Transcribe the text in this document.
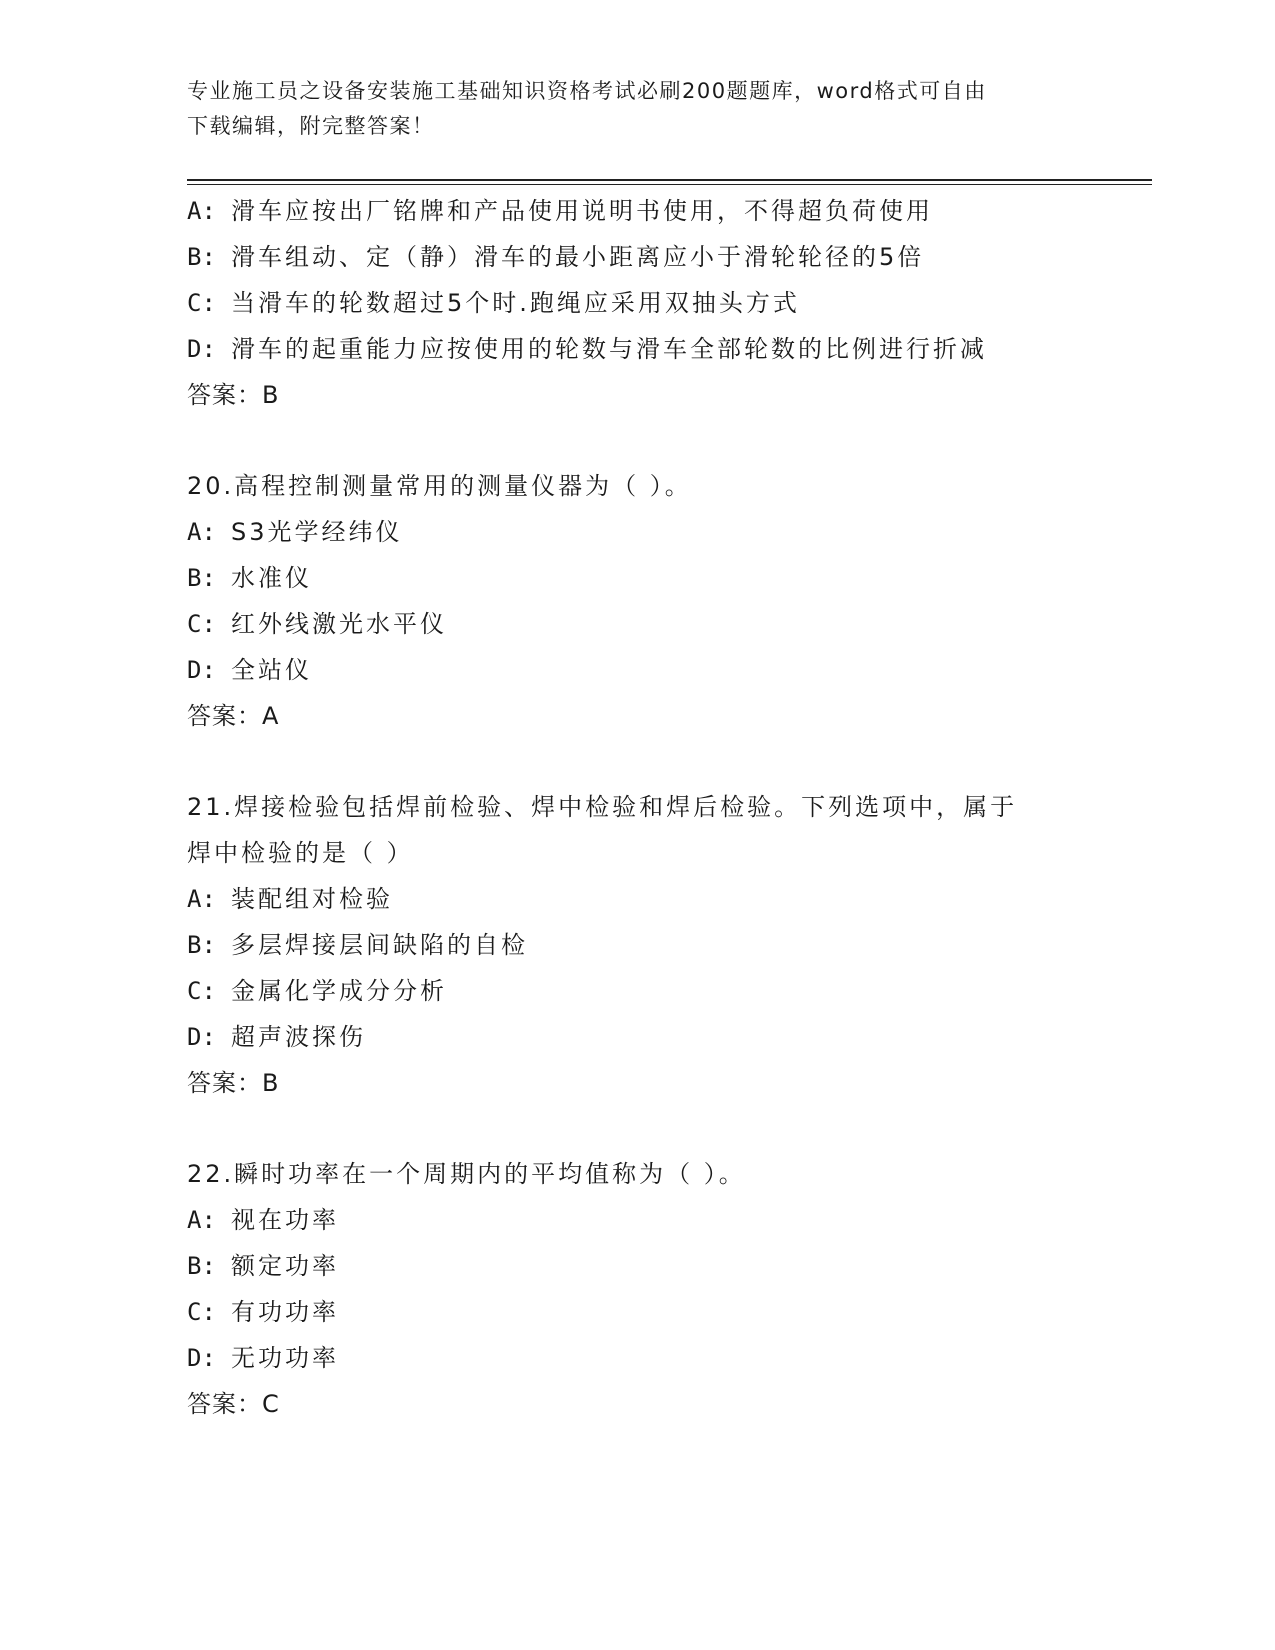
专业施工员之设备安装施工基础知识资格考试必刷200题题库，word格式可自由
下载编辑，附完整答案！
A: 滑车应按出厂铭牌和产品使用说明书使用，不得超负荷使用
B: 滑车组动、定（静）滑车的最小距离应小于滑轮轮径的5倍
C: 当滑车的轮数超过5个时.跑绳应采用双抽头方式
D: 滑车的起重能力应按使用的轮数与滑车全部轮数的比例进行折减
答案：B
20.高程控制测量常用的测量仪器为（ ）。
A: S3光学经纬仪
B: 水准仪
C: 红外线激光水平仪
D: 全站仪
答案：A
21.焊接检验包括焊前检验、焊中检验和焊后检验。下列选项中，属于
焊中检验的是（ ）
A: 装配组对检验
B: 多层焊接层间缺陷的自检
C: 金属化学成分分析
D: 超声波探伤
答案：B
22.瞬时功率在一个周期内的平均值称为（ ）。
A: 视在功率
B: 额定功率
C: 有功功率
D: 无功功率
答案：C
